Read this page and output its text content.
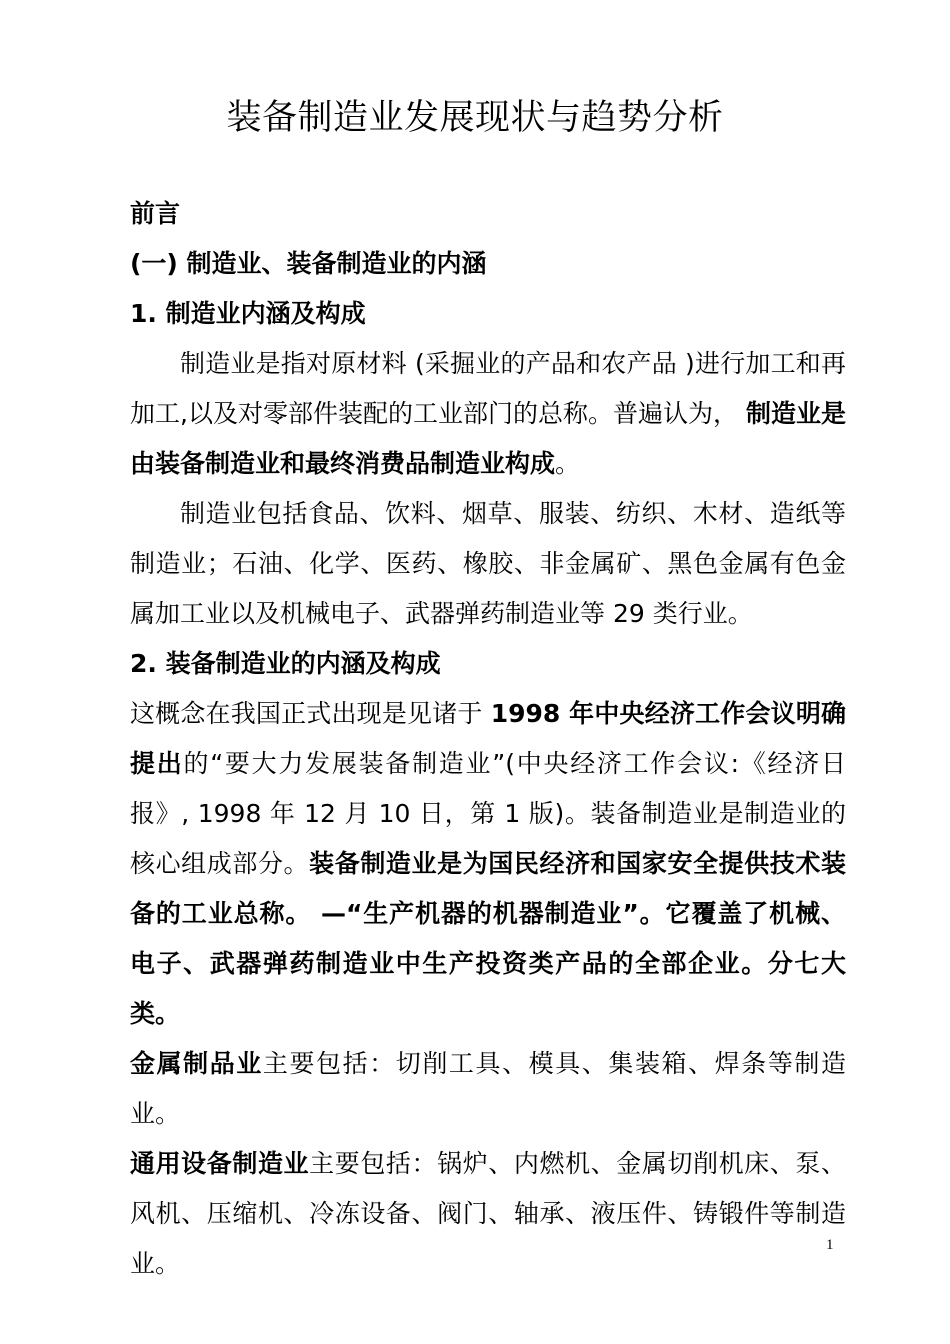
装备制造业发展现状与趋势分析

前言

(一) 制造业、装备制造业的内涵

1. 制造业内涵及构成

制造业是指对原材料 (采掘业的产品和农产品 )进行加工和再加工,以及对零部件装配的工业部门的总称。普遍认为， 制造业是由装备制造业和最终消费品制造业构成。

制造业包括食品、饮料、烟草、服装、纺织、木材、造纸等制造业；石油、化学、医药、橡胶、非金属矿、黑色金属有色金属加工业以及机械电子、武器弹药制造业等 29 类行业。

2. 装备制造业的内涵及构成

这概念在我国正式出现是见诸于 1998 年中央经济工作会议明确提出的“要大力发展装备制造业”(中央经济工作会议:《经济日报》, 1998 年 12 月 10 日，第 1 版)。装备制造业是制造业的核心组成部分。装备制造业是为国民经济和国家安全提供技术装备的工业总称。 —“生产机器的机器制造业”。它覆盖了机械、电子、武器弹药制造业中生产投资类产品的全部企业。分七大类。

金属制品业主要包括：切削工具、模具、集装箱、焊条等制造业。

通用设备制造业主要包括：锅炉、内燃机、金属切削机床、泵、风机、压缩机、冷冻设备、阀门、轴承、液压件、铸锻件等制造业。

1
